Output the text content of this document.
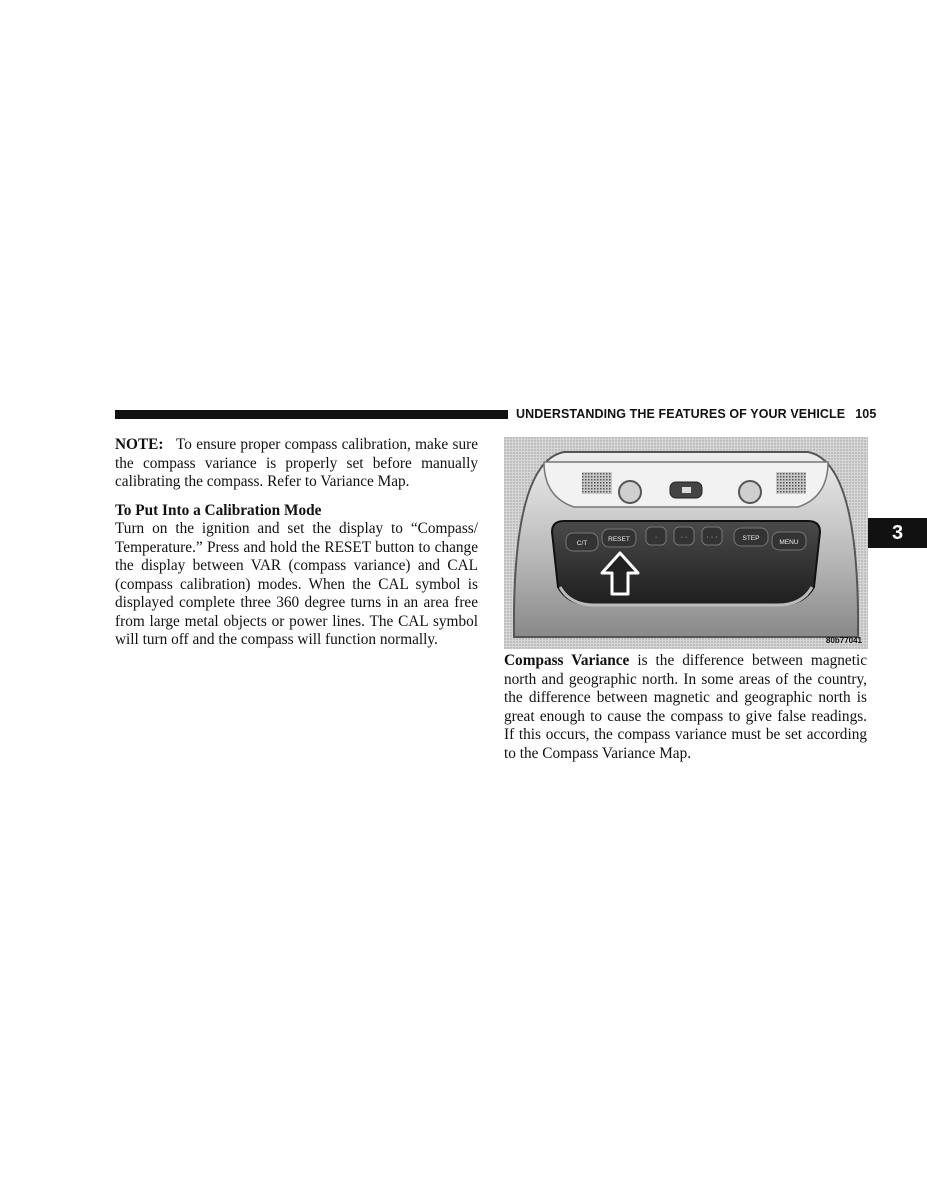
UNDERSTANDING THE FEATURES OF YOUR VEHICLE 105
3

NOTE: To ensure proper compass calibration, make sure the compass variance is properly set before manually calibrating the compass. Refer to Variance Map.

To Put Into a Calibration Mode

Turn on the ignition and set the display to “Compass/ Temperature.” Press and hold the RESET button to change the display between VAR (compass variance) and CAL (compass calibration) modes. When the CAL symbol is displayed complete three 360 degree turns in an area free from large metal objects or power lines. The CAL symbol will turn off and the compass will function normally.

C/T
RESET	·	· ·	· · ·	STEP
MENU
80b77041

Compass Variance is the difference between magnetic north and geographic north. In some areas of the country, the difference between magnetic and geographic north is great enough to cause the compass to give false readings. If this occurs, the compass variance must be set according to the Compass Variance Map.
